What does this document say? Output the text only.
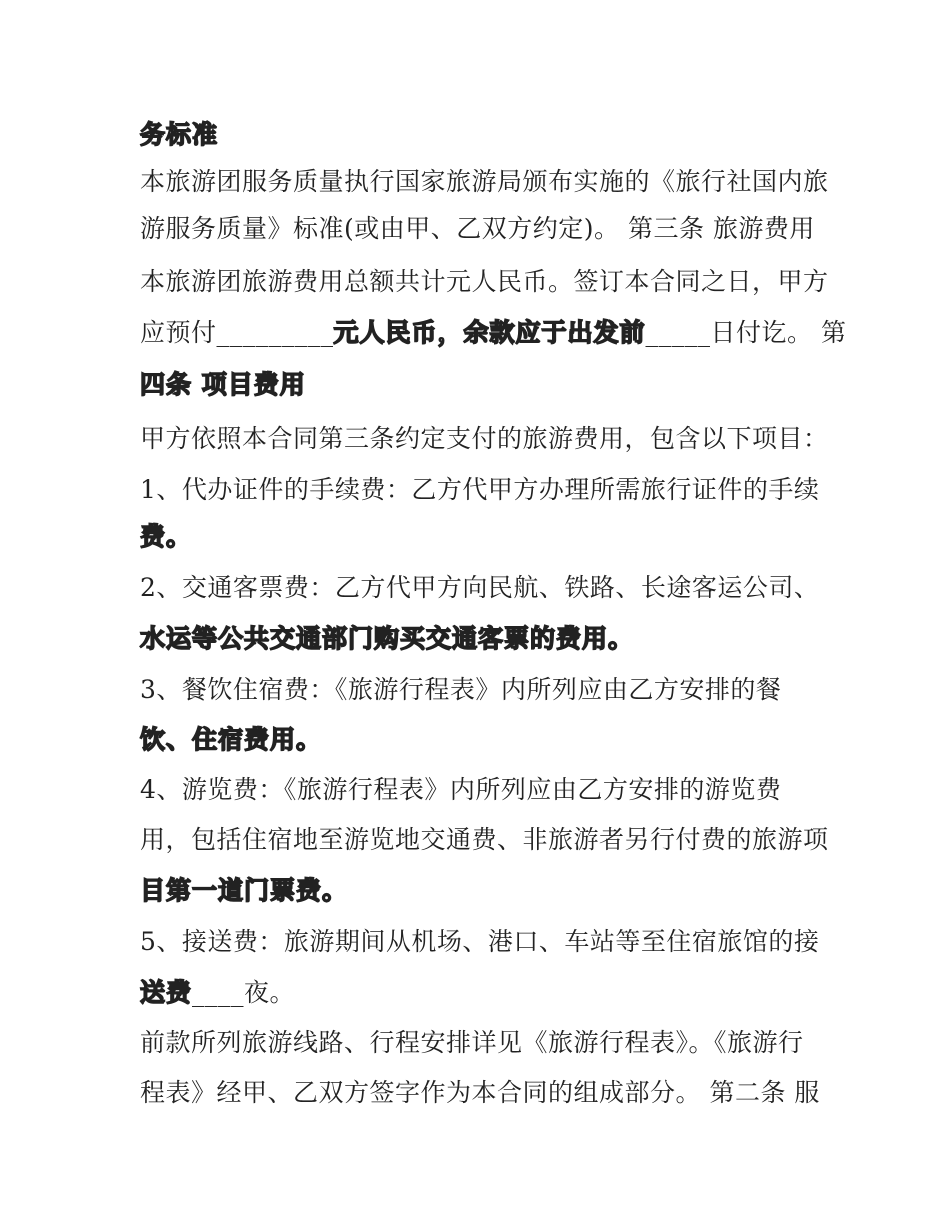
务标准
本旅游团服务质量执行国家旅游局颁布实施的《旅行社国内旅
游服务质量》标准(或由甲、乙双方约定)。 第三条 旅游费用
本旅游团旅游费用总额共计元人民币。签订本合同之日，甲方
应预付_________元人民币，余款应于出发前_____日付讫。 第
四条 项目费用
甲方依照本合同第三条约定支付的旅游费用，包含以下项目：
1、代办证件的手续费：乙方代甲方办理所需旅行证件的手续
费。
2、交通客票费：乙方代甲方向民航、铁路、长途客运公司、
水运等公共交通部门购买交通客票的费用。
3、餐饮住宿费：《旅游行程表》内所列应由乙方安排的餐
饮、住宿费用。
4、游览费：《旅游行程表》内所列应由乙方安排的游览费
用，包括住宿地至游览地交通费、非旅游者另行付费的旅游项
目第一道门票费。
5、接送费：旅游期间从机场、港口、车站等至住宿旅馆的接
送费____夜。
前款所列旅游线路、行程安排详见《旅游行程表》。《旅游行
程表》经甲、乙双方签字作为本合同的组成部分。 第二条 服
